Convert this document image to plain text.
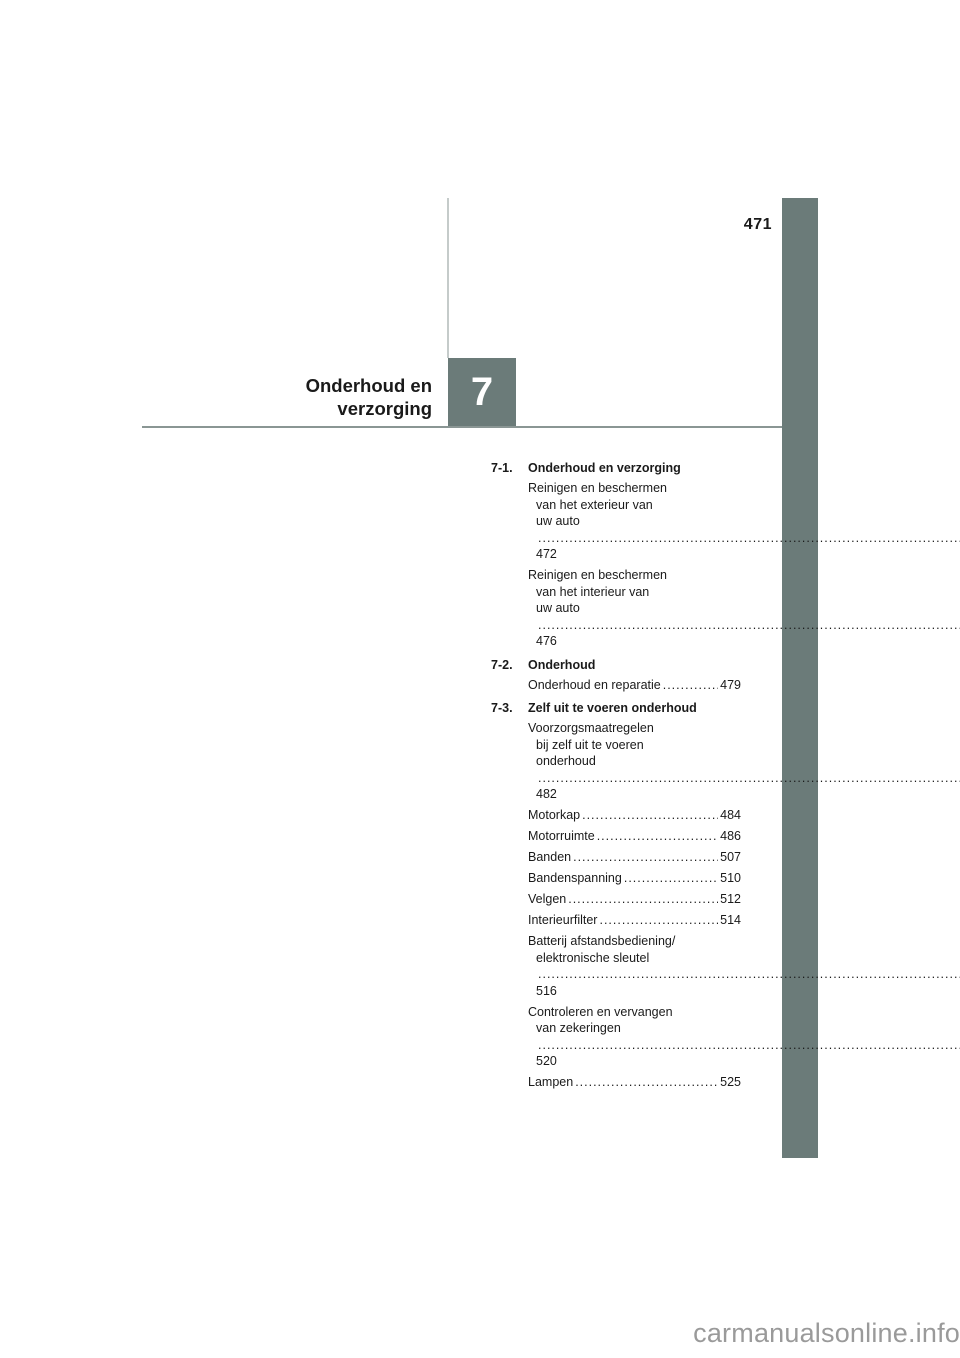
471
7
Onderhoud en
verzorging
7-1.	Onderhoud en verzorging
Reinigen en beschermen
van het exterieur van
uw auto ..... 472
Reinigen en beschermen
van het interieur van
uw auto ..... 476
7-2.	Onderhoud
Onderhoud en reparatie .....	479
7-3.	Zelf uit te voeren onderhoud
Voorzorgsmaatregelen
bij zelf uit te voeren
onderhoud ..... 482
Motorkap .....	484
Motorruimte .....	486
Banden .....	507
Bandenspanning .....	510
Velgen .....	512
Interieurfilter .....	514
Batterij afstandsbediening/
elektronische sleutel ..... 516
Controleren en vervangen
van zekeringen ..... 520
Lampen .....	525
carmanualsonline.info
